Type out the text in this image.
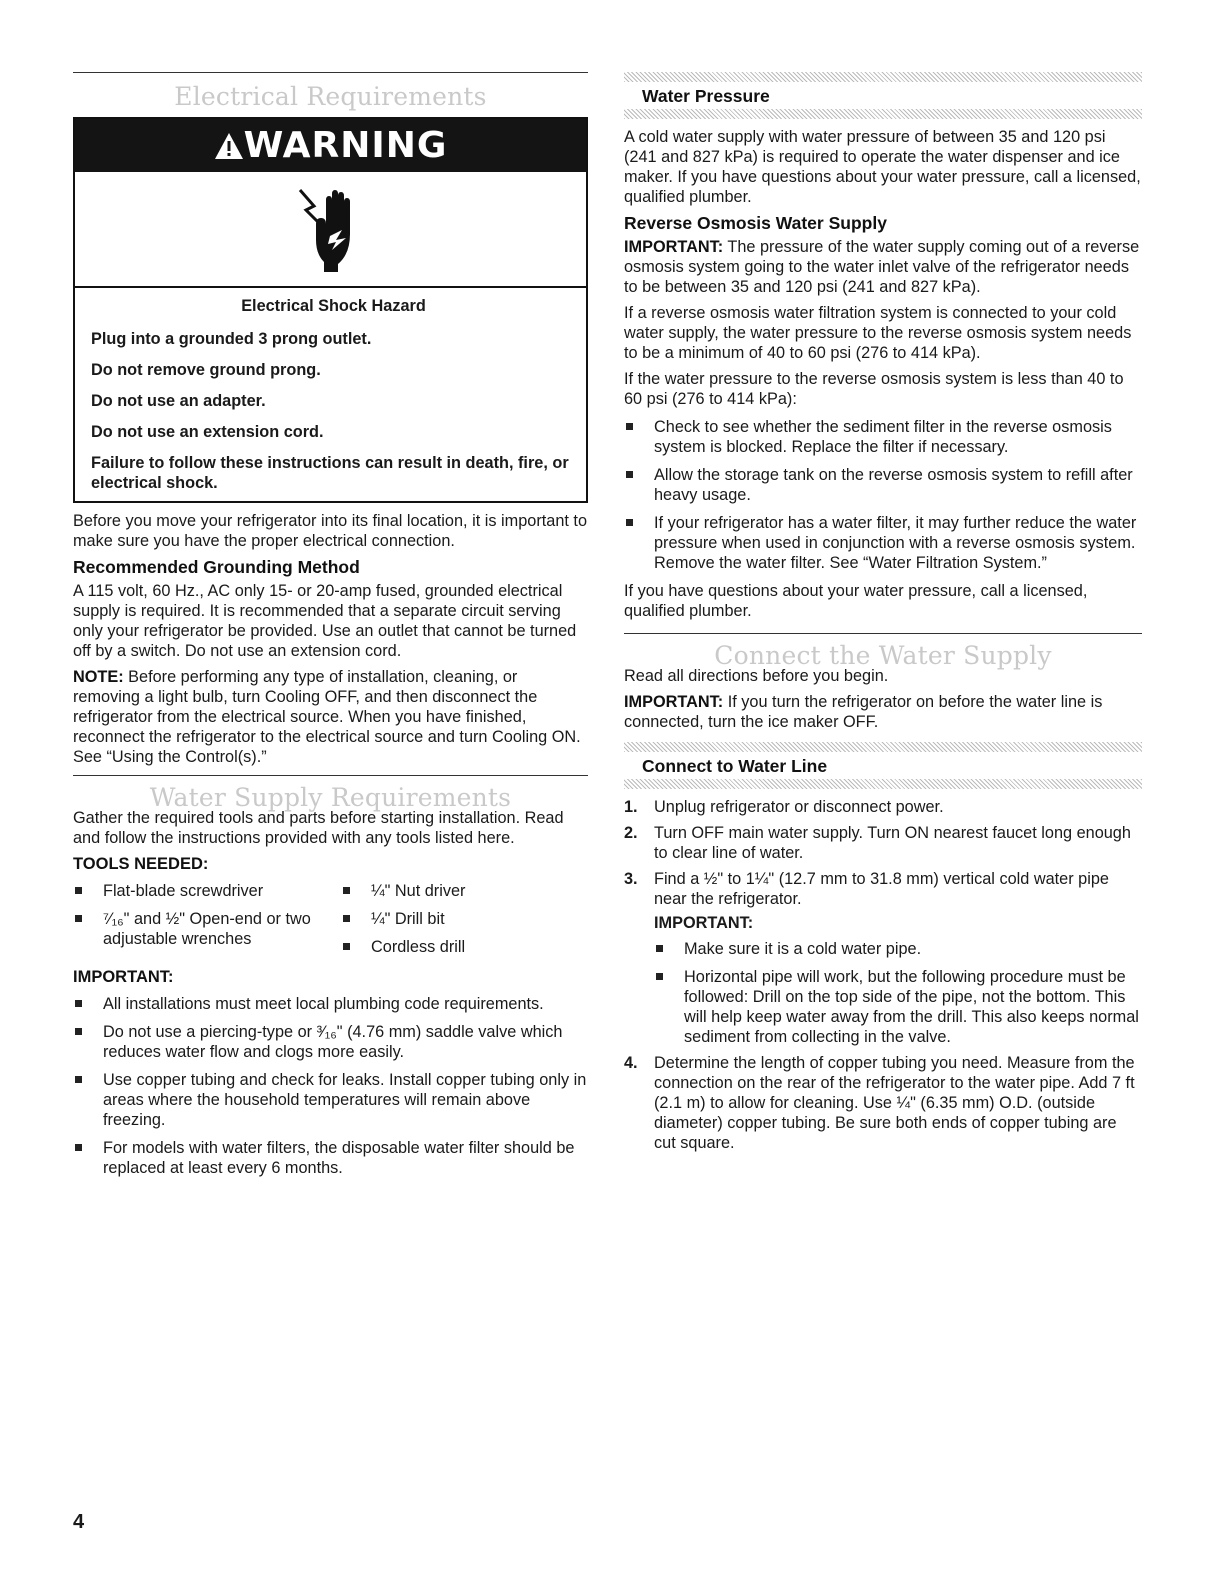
Electrical Requirements
WARNING

Electrical Shock Hazard

Plug into a grounded 3 prong outlet.

Do not remove ground prong.

Do not use an adapter.

Do not use an extension cord.

Failure to follow these instructions can result in death, fire, or electrical shock.

Before you move your refrigerator into its final location, it is important to make sure you have the proper electrical connection.

Recommended Grounding Method

A 115 volt, 60 Hz., AC only 15- or 20-amp fused, grounded electrical supply is required. It is recommended that a separate circuit serving only your refrigerator be provided. Use an outlet that cannot be turned off by a switch. Do not use an extension cord.

NOTE: Before performing any type of installation, cleaning, or removing a light bulb, turn Cooling OFF, and then disconnect the refrigerator from the electrical source. When you have finished, reconnect the refrigerator to the electrical source and turn Cooling ON. See “Using the Control(s).”

Water Supply Requirements

Gather the required tools and parts before starting installation. Read and follow the instructions provided with any tools listed here.

TOOLS NEEDED:
Flat-blade screwdriver
⁷⁄₁₆" and ½" Open-end or two adjustable wrenches
¼" Nut driver
¼" Drill bit
Cordless drill
IMPORTANT:
All installations must meet local plumbing code requirements.
Do not use a piercing-type or ³⁄₁₆" (4.76 mm) saddle valve which reduces water flow and clogs more easily.
Use copper tubing and check for leaks. Install copper tubing only in areas where the household temperatures will remain above freezing.
For models with water filters, the disposable water filter should be replaced at least every 6 months.
Water Pressure

A cold water supply with water pressure of between 35 and 120 psi (241 and 827 kPa) is required to operate the water dispenser and ice maker. If you have questions about your water pressure, call a licensed, qualified plumber.

Reverse Osmosis Water Supply

IMPORTANT: The pressure of the water supply coming out of a reverse osmosis system going to the water inlet valve of the refrigerator needs to be between 35 and 120 psi (241 and 827 kPa).

If a reverse osmosis water filtration system is connected to your cold water supply, the water pressure to the reverse osmosis system needs to be a minimum of 40 to 60 psi (276 to 414 kPa).

If the water pressure to the reverse osmosis system is less than 40 to 60 psi (276 to 414 kPa):

Check to see whether the sediment filter in the reverse osmosis system is blocked. Replace the filter if necessary.
Allow the storage tank on the reverse osmosis system to refill after heavy usage.
If your refrigerator has a water filter, it may further reduce the water pressure when used in conjunction with a reverse osmosis system. Remove the water filter. See “Water Filtration System.”

If you have questions about your water pressure, call a licensed, qualified plumber.

Connect the Water Supply

Read all directions before you begin.

IMPORTANT: If you turn the refrigerator on before the water line is connected, turn the ice maker OFF.

Connect to Water Line
1. Unplug refrigerator or disconnect power.
2. Turn OFF main water supply. Turn ON nearest faucet long enough to clear line of water.
3. Find a ½" to 1¼" (12.7 mm to 31.8 mm) vertical cold water pipe near the refrigerator.
IMPORTANT:
Make sure it is a cold water pipe.
Horizontal pipe will work, but the following procedure must be followed: Drill on the top side of the pipe, not the bottom. This will help keep water away from the drill. This also keeps normal sediment from collecting in the valve.
4. Determine the length of copper tubing you need. Measure from the connection on the rear of the refrigerator to the water pipe. Add 7 ft (2.1 m) to allow for cleaning. Use ¼" (6.35 mm) O.D. (outside diameter) copper tubing. Be sure both ends of copper tubing are cut square.
4
